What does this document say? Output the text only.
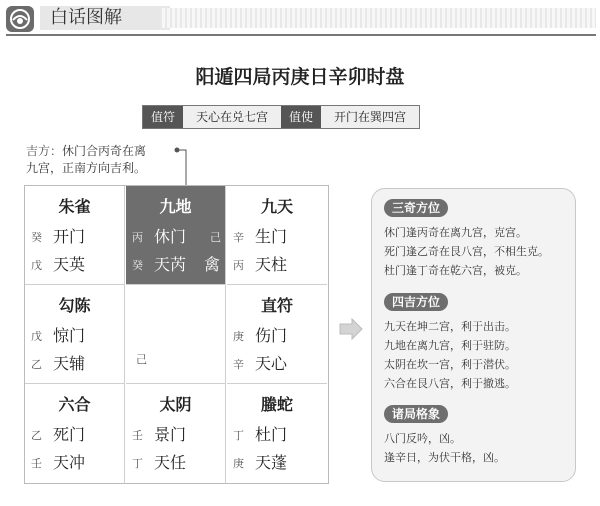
白话图解
阳遁四局丙庚日辛卯时盘
值符	天心在兑七宫	值使	开门在巽四宫
吉方：休门合丙奇在离
九宫，正南方向吉利。
朱雀
癸 开门
戊 天英
九地
丙 休门 己
癸 天芮 禽
九天
辛 生门
丙 天柱
勾陈
戊 惊门
乙 天辅	己
直符
庚 伤门
辛 天心
六合
乙 死门
壬 天冲
太阴
壬 景门
丁 天任
螣蛇
丁 杜门
庚 天蓬
三奇方位
休门逢丙奇在离九宫，克宫。
死门逢乙奇在艮八宫，不相生克。
杜门逢丁奇在乾六宫，被克。
四吉方位
九天在坤二宫，利于出击。
九地在离九宫，利于驻防。
太阴在坎一宫，利于潜伏。
六合在艮八宫，利于撤逃。
诸局格象
八门反吟，凶。
逢辛日，为伏干格，凶。
